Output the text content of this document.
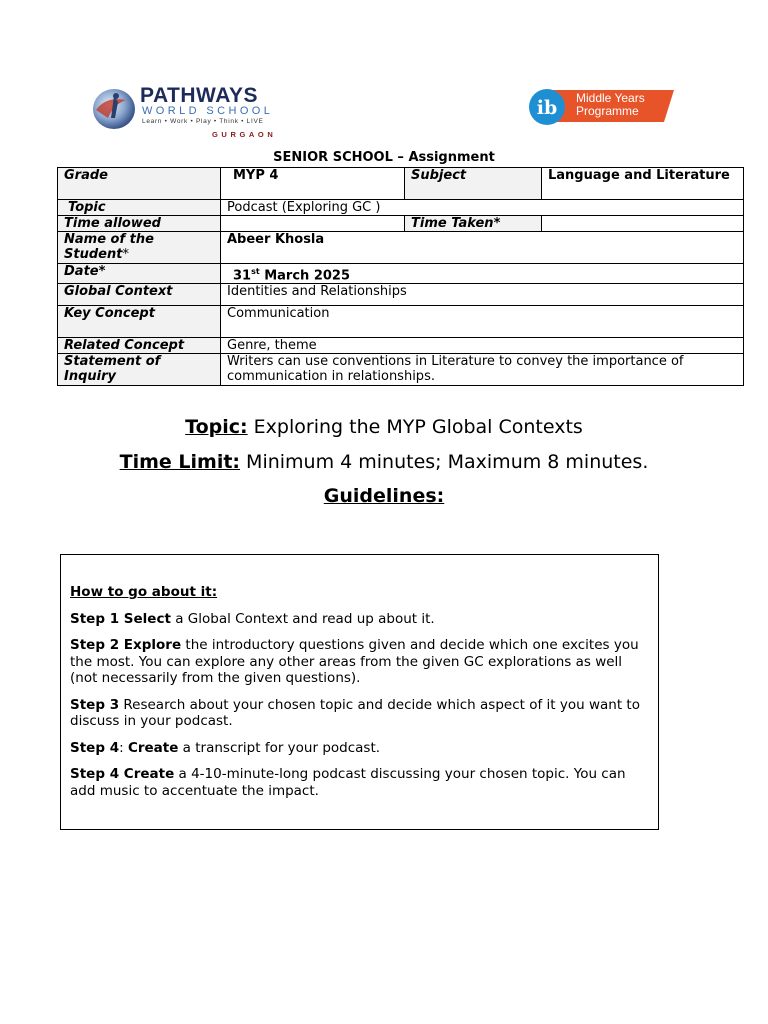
PATHWAYS
WORLD SCHOOL
Learn • Work • Play • Think • LIVE
GURGAON
ib Middle Years
Programme
SENIOR SCHOOL – Assignment
Grade	MYP 4	Subject	Language and Literature
Topic	Podcast (Exploring GC )		
Time allowed		Time Taken*	
Name of the Student*	Abeer Khosla		
Date*	31st March 2025		
Global Context	Identities and Relationships		
Key Concept	Communication		
Related Concept	Genre, theme		
Statement of Inquiry	Writers can use conventions in Literature to convey the importance of communication in relationships.		
Topic: Exploring the MYP Global Contexts
Time Limit: Minimum 4 minutes; Maximum 8 minutes.
Guidelines:

How to go about it:

Step 1 Select a Global Context and read up about it.

Step 2 Explore the introductory questions given and decide which one excites you the most. You can explore any other areas from the given GC explorations as well (not necessarily from the given questions).

Step 3 Research about your chosen topic and decide which aspect of it you want to discuss in your podcast.

Step 4: Create a transcript for your podcast.

Step 4 Create a 4-10-minute-long podcast discussing your chosen topic. You can add music to accentuate the impact.
